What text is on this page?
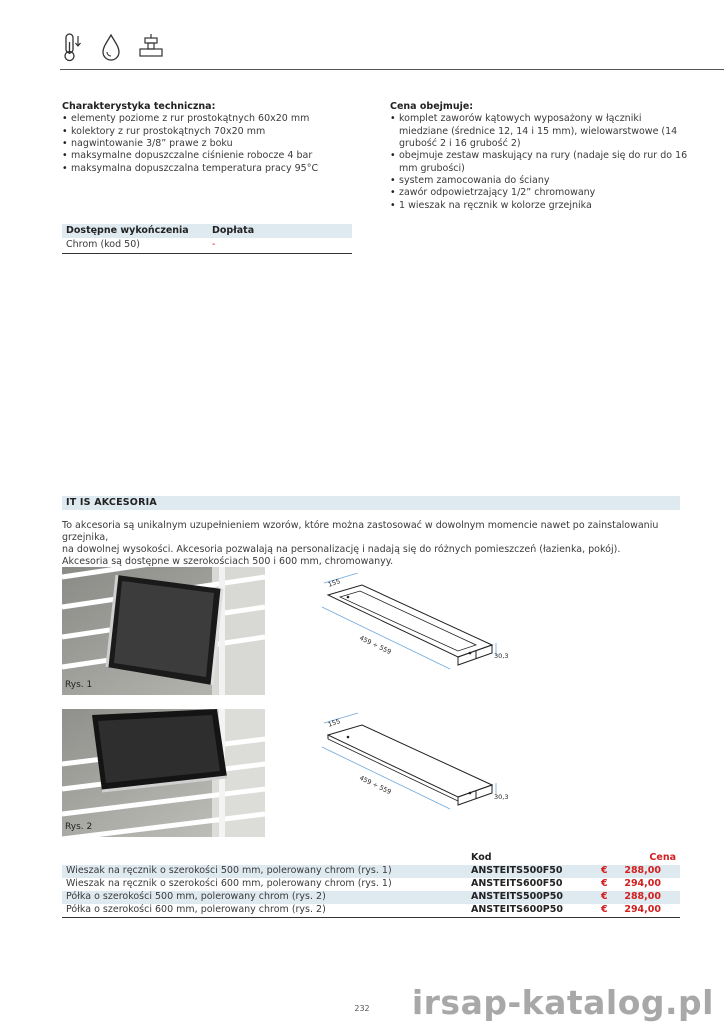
Charakterystyka techniczna:
• elementy poziome z rur prostokątnych 60x20 mm
• kolektory z rur prostokątnych 70x20 mm
• nagwintowanie 3/8” prawe z boku
• maksymalne dopuszczalne ciśnienie robocze 4 bar
• maksymalna dopuszczalna temperatura pracy 95°C
Cena obejmuje:
• komplet zaworów kątowych wyposażony w łączniki miedziane (średnice 12, 14 i 15 mm), wielowarstwowe (14 grubość 2 i 16 grubość 2)
• obejmuje zestaw maskujący na rury (nadaje się do rur do 16 mm grubości)
• system zamocowania do ściany
• zawór odpowietrzający 1/2” chromowany
• 1 wieszak na ręcznik w kolorze grzejnika
Dostępne wykończenia	Dopłata
Chrom (kod 50)	-
IT IS AKCESORIA
To akcesoria są unikalnym uzupełnieniem wzorów, które można zastosować w dowolnym momencie nawet po zainstalowaniu grzejnika,
na dowolnej wysokości. Akcesoria pozwalają na personalizację i nadają się do różnych pomieszczeń (łazienka, pokój).
Akcesoria są dostępne w szerokościach 500 i 600 mm, chromowanyy.
Rys. 1
Rys. 2
155
459 ÷ 559	30,3
155
459 ÷ 559
30,3
	Kod	Cena
Wieszak na ręcznik o szerokości 500 mm, polerowany chrom (rys. 1)	ANSTEITS500F50	€ 288,00
Wieszak na ręcznik o szerokości 600 mm, polerowany chrom (rys. 1)	ANSTEITS600F50	€ 294,00
Półka o szerokości 500 mm, polerowany chrom (rys. 2)	ANSTEITS500P50	€ 288,00
Półka o szerokości 600 mm, polerowany chrom (rys. 2)	ANSTEITS600P50	€ 294,00
232 irsap-katalog.pl
